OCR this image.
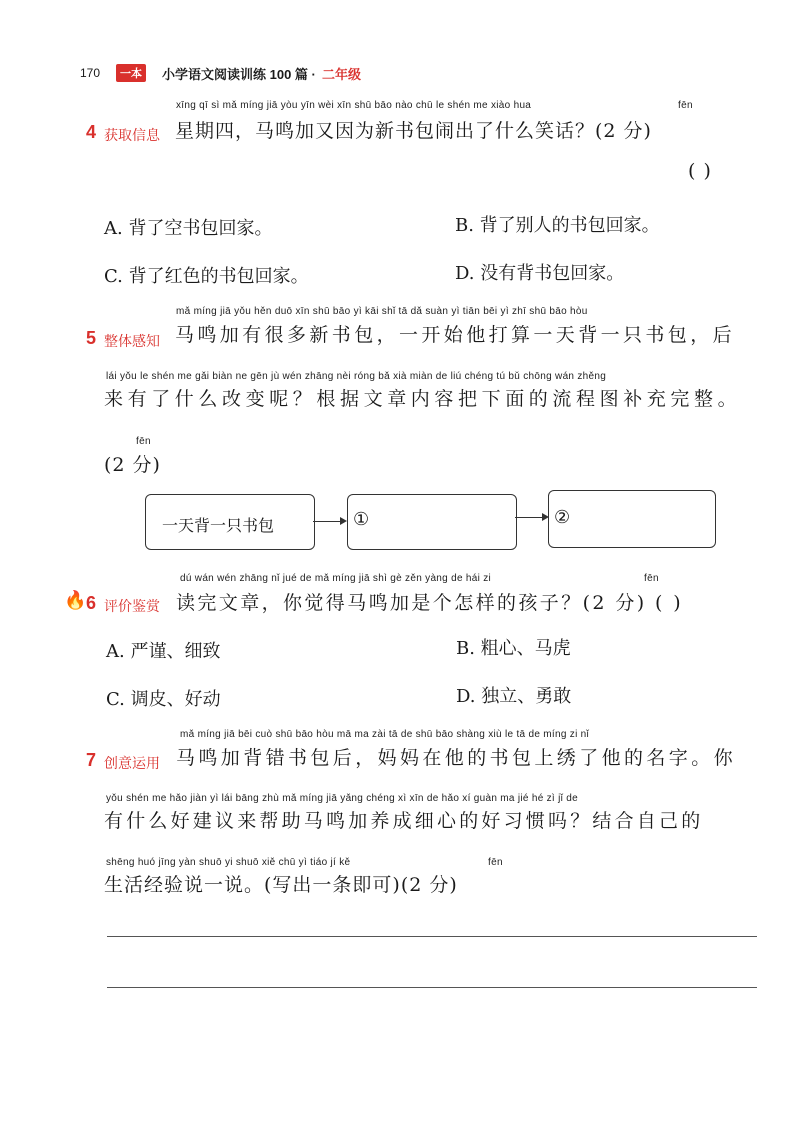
170	一本	小学语文阅读训练 100 篇 · 二年级
xīng qī sì mǎ míng jiā yòu yīn wèi xīn shū bāo nào chū le shén me xiào hua	fēn
4 获取信息 星期四，马鸣加又因为新书包闹出了什么笑话？(2 分)
( )
A. 背了空书包回家。	B. 背了别人的书包回家。
C. 背了红色的书包回家。	D. 没有背书包回家。
mǎ míng jiā yǒu hěn duō xīn shū bāo yì kāi shǐ tā dǎ suàn yì tiān bēi yì zhī shū bāo hòu
5 整体感知 马鸣加有很多新书包，一开始他打算一天背一只书包，后
lái yǒu le shén me gǎi biàn ne gēn jù wén zhāng nèi róng bǎ xià miàn de liú chéng tú bǔ chōng wán zhěng
来有了什么改变呢？根据文章内容把下面的流程图补充完整。
fēn
(2 分)
一天背一只书包	①	②
dú wán wén zhāng nǐ jué de mǎ míng jiā shì gè zěn yàng de hái zi	fēn
🔥 6 评价鉴赏 读完文章，你觉得马鸣加是个怎样的孩子？(2 分) ( )
A. 严谨、细致	B. 粗心、马虎
C. 调皮、好动	D. 独立、勇敢
mǎ míng jiā bēi cuò shū bāo hòu mā ma zài tā de shū bāo shàng xiù le tā de míng zi nǐ
7 创意运用 马鸣加背错书包后，妈妈在他的书包上绣了他的名字。你
yǒu shén me hǎo jiàn yì lái bāng zhù mǎ míng jiā yǎng chéng xì xīn de hǎo xí guàn ma jié hé zì jǐ de
有什么好建议来帮助马鸣加养成细心的好习惯吗？结合自己的
shēng huó jīng yàn shuō yi shuō xiě chū yì tiáo jí kě	fēn
生活经验说一说。(写出一条即可)(2 分)
